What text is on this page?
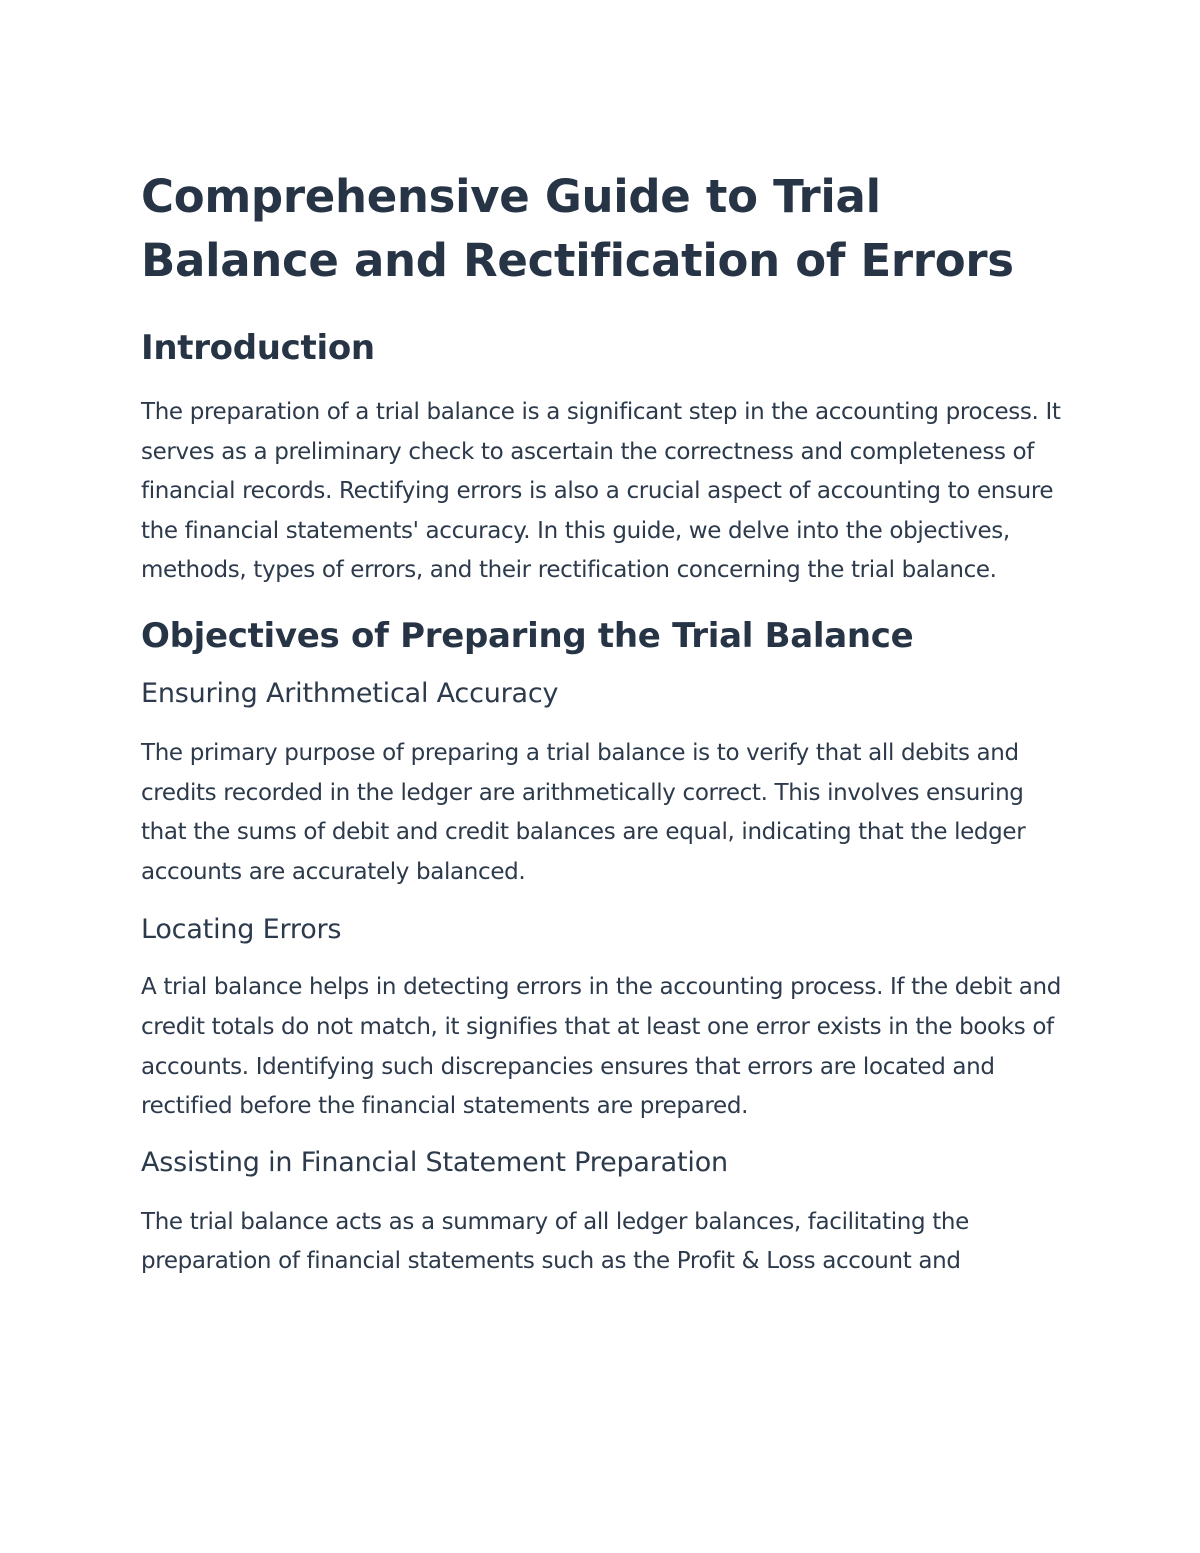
Comprehensive Guide to Trial Balance and Rectification of Errors
Introduction

The preparation of a trial balance is a significant step in the accounting process. It serves as a preliminary check to ascertain the correctness and completeness of financial records. Rectifying errors is also a crucial aspect of accounting to ensure the financial statements' accuracy. In this guide, we delve into the objectives, methods, types of errors, and their rectification concerning the trial balance.

Objectives of Preparing the Trial Balance
Ensuring Arithmetical Accuracy

The primary purpose of preparing a trial balance is to verify that all debits and credits recorded in the ledger are arithmetically correct. This involves ensuring that the sums of debit and credit balances are equal, indicating that the ledger accounts are accurately balanced.

Locating Errors

A trial balance helps in detecting errors in the accounting process. If the debit and credit totals do not match, it signifies that at least one error exists in the books of accounts. Identifying such discrepancies ensures that errors are located and rectified before the financial statements are prepared.

Assisting in Financial Statement Preparation

The trial balance acts as a summary of all ledger balances, facilitating the preparation of financial statements such as the Profit & Loss account and
